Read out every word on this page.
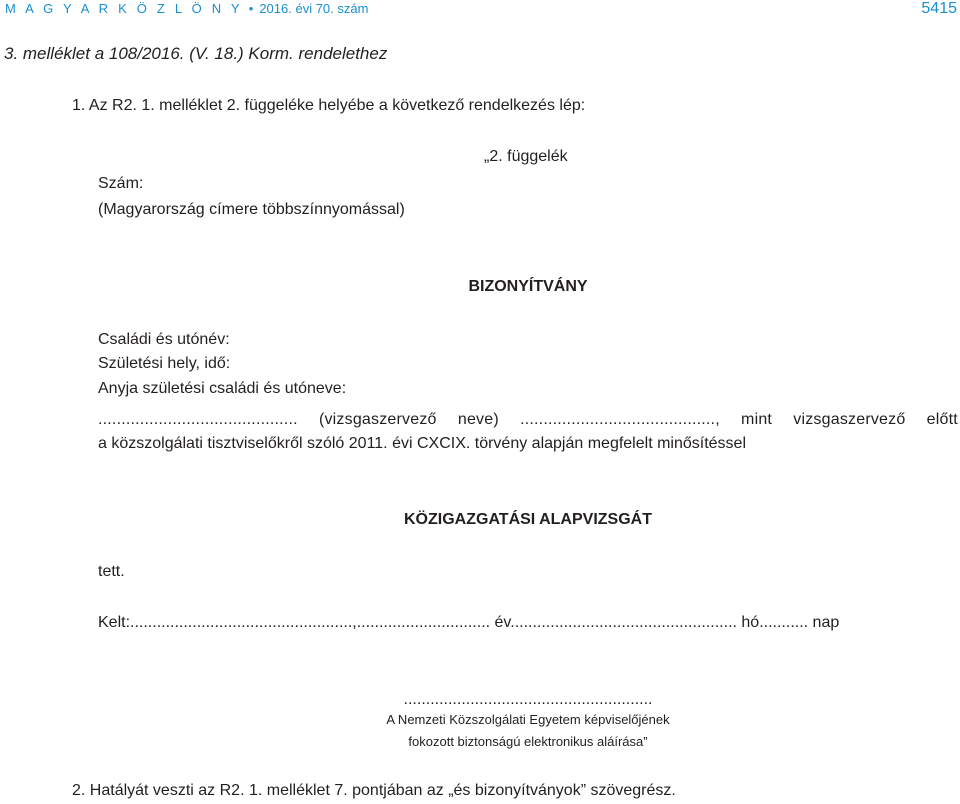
M A G Y A R K Ö Z L Ö N Y • 2016. évi 70. szám	5415
3. melléklet a 108/2016. (V. 18.) Korm. rendelethez
1. Az R2. 1. melléklet 2. függeléke helyébe a következő rendelkezés lép:
„2. függelék
Szám:
(Magyarország címere többszínnyomással)
BIZONYÍTVÁNY
Családi és utónév:
Születési hely, idő:
Anyja születési családi és utóneve:
........................................... (vizsgaszervező neve) .........................................., mint vizsgaszervező előtt
a közszolgálati tisztviselőkről szóló 2011. évi CXCIX. törvény alapján megfelelt minősítéssel
KÖZIGAZGATÁSI ALAPVIZSGÁT
tett.
Kelt:..................................................,.............................. év................................................... hó........... nap
........................................................
A Nemzeti Közszolgálati Egyetem képviselőjének
fokozott biztonságú elektronikus aláírása”
2. Hatályát veszti az R2. 1. melléklet 7. pontjában az „és bizonyítványok” szövegrész.
